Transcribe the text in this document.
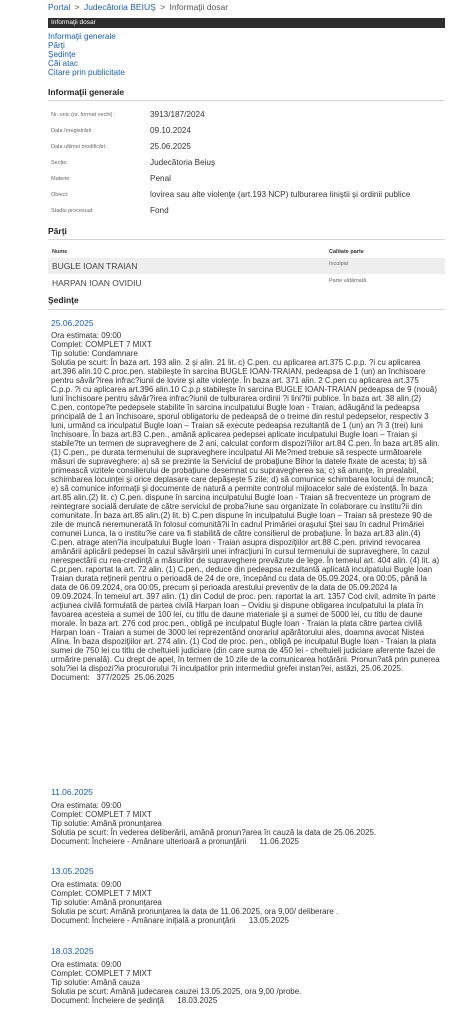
Portal > Judecătoria BEIUŞ > Informaţii dosar
Informaţii dosar
Informaţii generale
Părţi
Şedinţe
Căi atac
Citare prin publicitate
Informaţii generale
Nr. unic (nr. format vechi) :	3913/187/2024
Data înregistrării	09.10.2024
Data ultimei modificări:	25.06.2025
Secţie:	Judecătoria Beiuş
Materie:	Penal
Obiect:	lovirea sau alte violenţe (art.193 NCP) tulburarea liniştii şi ordinii publice
Stadiu procesual:	Fond
Părţi
Nume	Calitate parte
BUGLE IOAN TRAIAN	Inculpat
HARPAN IOAN OVIDIU	Parte vătămată
Şedinţe
25.06.2025
Ora estimata: 09:00
Complet: COMPLET 7 MIXT
Tip solutie: Condamnare
Solutia pe scurt: În baza art. 193 alin. 2 şi alin. 21 lit. c) C.pen. cu aplicarea art.375 C.p.p. ?i cu aplicarea art.396 alin.10 C.proc.pen. stabileşte în sarcina BUGLE IOAN-TRAIAN, pedeapsa de 1 (un) an închisoare pentru săvâr?irea infrac?iunii de lovire şi alte violenţe. În baza art. 371 alin. 2 C.pen cu aplicarea art.375 C.p.p. ?i cu aplicarea art.396 alin.10 C.p.p stabileşte în sarcina BUGLE IOAN-TRAIAN pedeapsa de 9 (nouă) luni închisoare pentru săvâr?irea infrac?iunii de tulburarea ordinii ?i lini?tii publice. În baza art. 38 alin.(2) C.pen, contope?te pedepsele stabilite în sarcina inculpatului Bugle Ioan - Traian, adăugând la pedeapsa principală de 1 an închisoare, sporul obligatoriu de pedeapsă de o treime din restul pedepselor, respectiv 3 luni, urmând ca inculpatul Bugle Ioan – Traian să execute pedeapsa rezultantă de 1 (un) an ?i 3 (trei) luni închisoare. În baza art.83 C.pen., amână aplicarea pedepsei aplicate inculpatului Bugle Ioan – Traian şi stabile?te un termen de supraveghere de 2 ani, calculat conform dispozi?iilor art.84 C.pen. În baza art.85 alin.(1) C.pen., pe durata termenului de supraveghere inculpatul Ali Me?med trebuie să respecte următoarele măsuri de supraveghere: a) să se prezinte la Serviciul de probaţiune Bihor la datele fixate de acesta; b) să primească vizitele consilierului de probaţiune desemnat cu supravegherea sa; c) să anunţe, în prealabil, schimbarea locuinţei şi orice deplasare care depăşeşte 5 zile; d) să comunice schimbarea locului de muncă; e) să comunice informaţii şi documente de natură a permite controlul mijloacelor sale de existenţă. În baza art.85 alin.(2) lit. c) C.pen. dispune în sarcina inculpatului Bugle Ioan - Traian să frecventeze un program de reintegrare socială derulate de către serviciul de proba?iune sau organizate în colaborare cu institu?ii din comunitate. În baza art.85 alin.(2) lit. b) C.pen dispune în inculpatului Bugle Ioan – Traian să presteze 90 de zile de muncă neremunerată în folosul comunită?ii în cadrul Primăriei oraşului Ştei sau în cadrul Primăriei comunei Lunca, la o institu?ie care va fi stabilită de către consilierul de probaţiune. În baza art.83 alin.(4) C.pen. atrage aten?ia inculpatului Bugle Ioan - Traian asupra dispoziţiilor art.88 C.pen. privind revocarea amânării aplicării pedepsei în cazul săvârşirii unei infracţiuni în cursul termenului de supraveghere, în cazul nerespectării cu rea-credinţă a măsurilor de supraveghere prevăzute de lege. În temeiul art. 404 alin. (4) lit. a) C.pr.pen. raportat la art. 72 alin. (1) C.pen., deduce din pedeapsa rezultantă aplicată inculpatului Bugle Ioan Traian durata reţinerii pentru o perioadă de 24 de ore, începând cu data de 05.09.2024, ora 00:05, până la data de 06.09.2024, ora 00:05, precum şi perioada arestului preventiv de la data de 05.09.2024 la 09.09.2024. În temeiul art. 397 alin. (1) din Codul de proc. pen. raportat la art. 1357 Cod civil, admite în parte acţiunea civilă formulată de partea civilă Harpan Ioan – Ovidiu şi dispune obligarea inculpatului la plata în favoarea acesteia a sumei de 100 lei, cu titlu de daune materiale şi a sumei de 5000 lei, cu titlu de daune morale. În baza art. 276 cod proc.pen., obligă pe inculpatul Bugle Ioan - Traian la plata către partea civilă Harpan Ioan - Traian a sumei de 3000 lei reprezentând onorariul apărătorului ales, doamna avocat Nistea Alina. În baza dispoziţiilor art. 274 alin. (1) Cod de proc. pen., obligă pe inculpatul Bugle Ioan - Traian la plata sumei de 750 lei cu titlu de cheltuieli judiciare (din care suma de 450 lei - cheltuieli judiciare aferente fazei de urmărire penală). Cu drept de apel, în termen de 10 zile de la comunicarea hotărârii. Pronun?ată prin punerea solu?iei la dispozi?ia procurorului ?i inculpatilor prin intermediul grefei instan?ei, astăzi, 25.06.2025.
Document:   377/2025  25.06.2025
11.06.2025
Ora estimata: 09:00
Complet: COMPLET 7 MIXT
Tip solutie: Amână pronunţarea
Solutia pe scurt: În vederea deliberării, amână pronun?area în cauză la data de 25.06.2025.
Document: Încheiere - Amânare ulterioară a pronunţării      11.06.2025
13.05.2025
Ora estimata: 09:00
Complet: COMPLET 7 MIXT
Tip solutie: Amână pronunţarea
Solutia pe scurt: Amână pronunţarea la data de 11.06.2025, ora 9,00/ deliberare .
Document: Încheiere - Amânare iniţială a pronunţării      13.05.2025
18.03.2025
Ora estimata: 09:00
Complet: COMPLET 7 MIXT
Tip solutie: Amână cauza
Solutia pe scurt: Amână judecarea cauzei 13.05.2025, ora 9,00 /probe.
Document: Încheiere de şedinţă      18.03.2025
